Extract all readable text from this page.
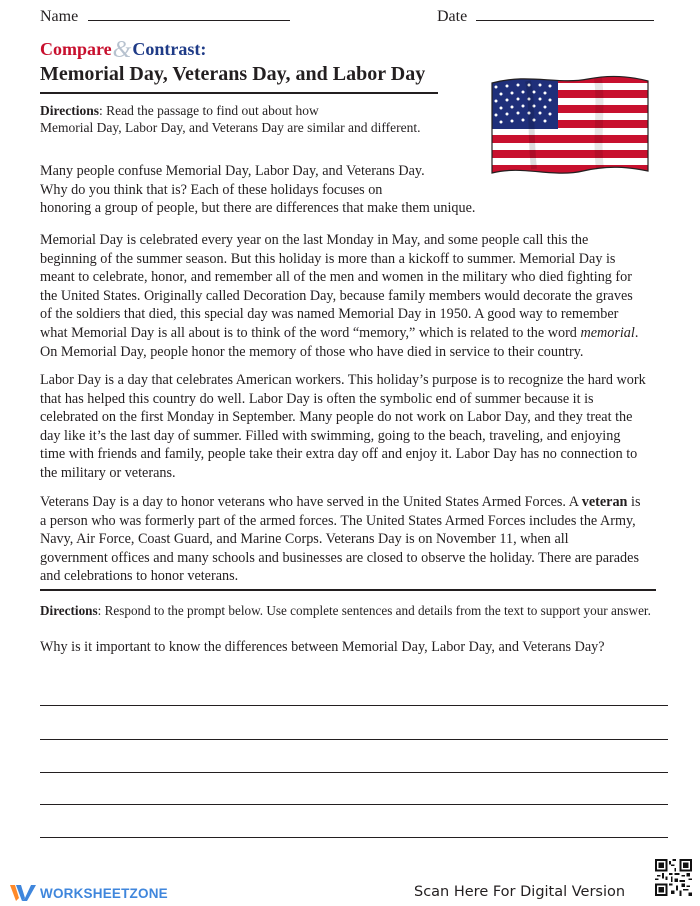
Name	Date
Compare&Contrast:
Memorial Day, Veterans Day, and Labor Day
Directions: Read the passage to find out about how
Memorial Day, Labor Day, and Veterans Day are similar and different.
Many people confuse Memorial Day, Labor Day, and Veterans Day.
Why do you think that is? Each of these holidays focuses on
honoring a group of people, but there are differences that make them unique.
Memorial Day is celebrated every year on the last Monday in May, and some people call this the
beginning of the summer season. But this holiday is more than a kickoff to summer. Memorial Day is
meant to celebrate, honor, and remember all of the men and women in the military who died fighting for
the United States. Originally called Decoration Day, because family members would decorate the graves
of the soldiers that died, this special day was named Memorial Day in 1950. A good way to remember
what Memorial Day is all about is to think of the word “memory,” which is related to the word memorial.
On Memorial Day, people honor the memory of those who have died in service to their country.
Labor Day is a day that celebrates American workers. This holiday’s purpose is to recognize the hard work
that has helped this country do well. Labor Day is often the symbolic end of summer because it is
celebrated on the first Monday in September. Many people do not work on Labor Day, and they treat the
day like it’s the last day of summer. Filled with swimming, going to the beach, traveling, and enjoying
time with friends and family, people take their extra day off and enjoy it. Labor Day has no connection to
the military or veterans.
Veterans Day is a day to honor veterans who have served in the United States Armed Forces. A veteran is
a person who was formerly part of the armed forces. The United States Armed Forces includes the Army,
Navy, Air Force, Coast Guard, and Marine Corps. Veterans Day is on November 11, when all
government offices and many schools and businesses are closed to observe the holiday. There are parades
and celebrations to honor veterans.
Directions: Respond to the prompt below. Use complete sentences and details from the text to support your answer.
Why is it important to know the differences between Memorial Day, Labor Day, and Veterans Day?
WORKSHEETZONE	Scan Here For Digital Version
